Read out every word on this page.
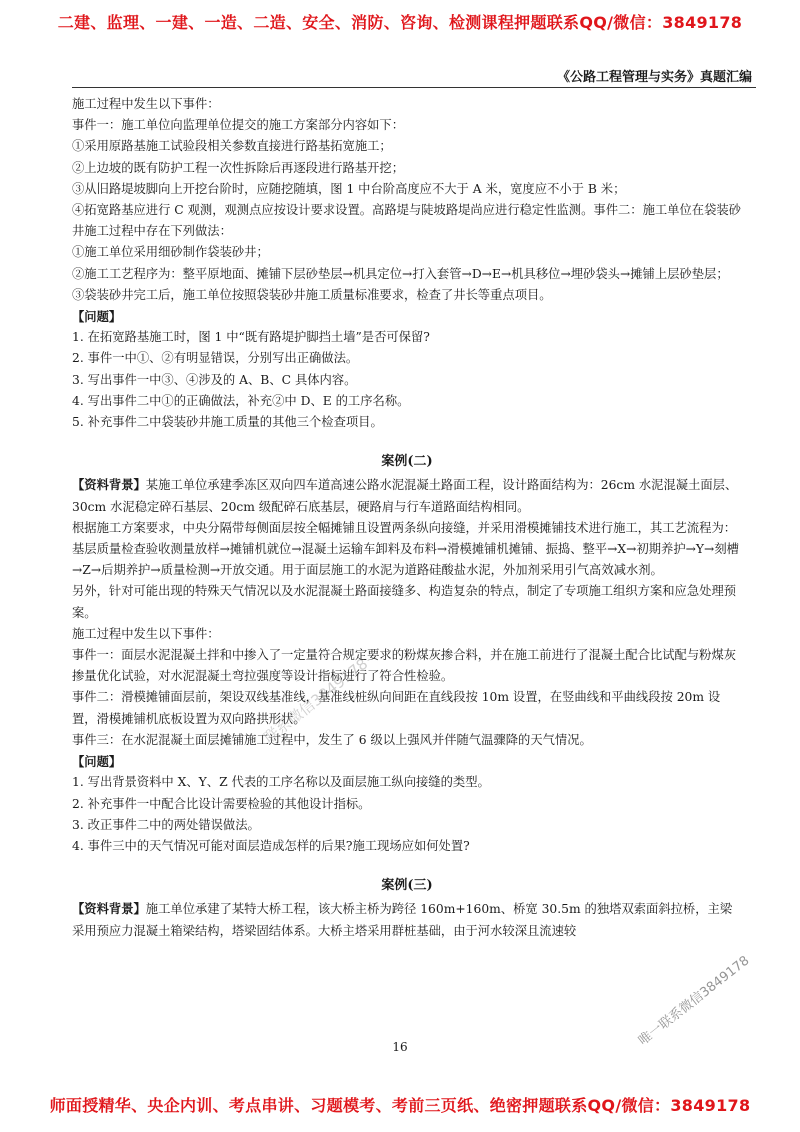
二建、监理、一建、一造、二造、安全、消防、咨询、检测课程押题联系QQ/微信：3849178
《公路工程管理与实务》真题汇编

施工过程中发生以下事件：

事件一：施工单位向监理单位提交的施工方案部分内容如下：

①采用原路基施工试验段相关参数直接进行路基拓宽施工；

②上边坡的既有防护工程一次性拆除后再逐段进行路基开挖；

③从旧路堤坡脚向上开挖台阶时，应随挖随填，图 1 中台阶高度应不大于 A 米，宽度应不小于 B 米；

④拓宽路基应进行 C 观测，观测点应按设计要求设置。高路堤与陡坡路堤尚应进行稳定性监测。事件二：施工单位在袋装砂井施工过程中存在下列做法：

①施工单位采用细砂制作袋装砂井；

②施工工艺程序为：整平原地面、摊铺下层砂垫层→机具定位→打入套管→D→E→机具移位→埋砂袋头→摊铺上层砂垫层；

③袋装砂井完工后，施工单位按照袋装砂井施工质量标准要求，检查了井长等重点项目。

【问题】

1. 在拓宽路基施工时，图 1 中“既有路堤护脚挡土墙”是否可保留?

2. 事件一中①、②有明显错误，分别写出正确做法。

3. 写出事件一中③、④涉及的 A、B、C 具体内容。

4. 写出事件二中①的正确做法，补充②中 D、E 的工序名称。

5. 补充事件二中袋装砂井施工质量的其他三个检查项目。

案例(二)

【资料背景】某施工单位承建季冻区双向四车道高速公路水泥混凝土路面工程，设计路面结构为：26cm 水泥混凝土面层、30cm 水泥稳定碎石基层、20cm 级配碎石底基层，硬路肩与行车道路面结构相同。

根据施工方案要求，中央分隔带每侧面层按全幅摊铺且设置两条纵向接缝，并采用滑模摊铺技术进行施工，其工艺流程为：基层质量检查验收测量放样→摊铺机就位→混凝土运输车卸料及布料→滑模摊铺机摊铺、振捣、整平→X→初期养护→Y→刻槽→Z→后期养护→质量检测→开放交通。用于面层施工的水泥为道路硅酸盐水泥，外加剂采用引气高效减水剂。

另外，针对可能出现的特殊天气情况以及水泥混凝土路面接缝多、构造复杂的特点，制定了专项施工组织方案和应急处理预案。

施工过程中发生以下事件：

事件一：面层水泥混凝土拌和中掺入了一定量符合规定要求的粉煤灰掺合料，并在施工前进行了混凝土配合比试配与粉煤灰掺量优化试验，对水泥混凝土弯拉强度等设计指标进行了符合性检验。

事件二：滑模摊铺面层前，架设双线基准线，基准线桩纵向间距在直线段按 10m 设置，在竖曲线和平曲线段按 20m 设置，滑模摊铺机底板设置为双向路拱形状。

事件三：在水泥混凝土面层摊铺施工过程中，发生了 6 级以上强风并伴随气温骤降的天气情况。

【问题】

1. 写出背景资料中 X、Y、Z 代表的工序名称以及面层施工纵向接缝的类型。

2. 补充事件一中配合比设计需要检验的其他设计指标。

3. 改正事件二中的两处错误做法。

4. 事件三中的天气情况可能对面层造成怎样的后果?施工现场应如何处置?

案例(三)

【资料背景】施工单位承建了某特大桥工程，该大桥主桥为跨径 160m+160m、桥宽 30.5m 的独塔双索面斜拉桥，主梁采用预应力混凝土箱梁结构，塔梁固结体系。大桥主塔采用群桩基础，由于河水较深且流速较

16
联系微信3849178
唯一联系微信3849178
师面授精华、央企内训、考点串讲、习题模考、考前三页纸、绝密押题联系QQ/微信：3849178
